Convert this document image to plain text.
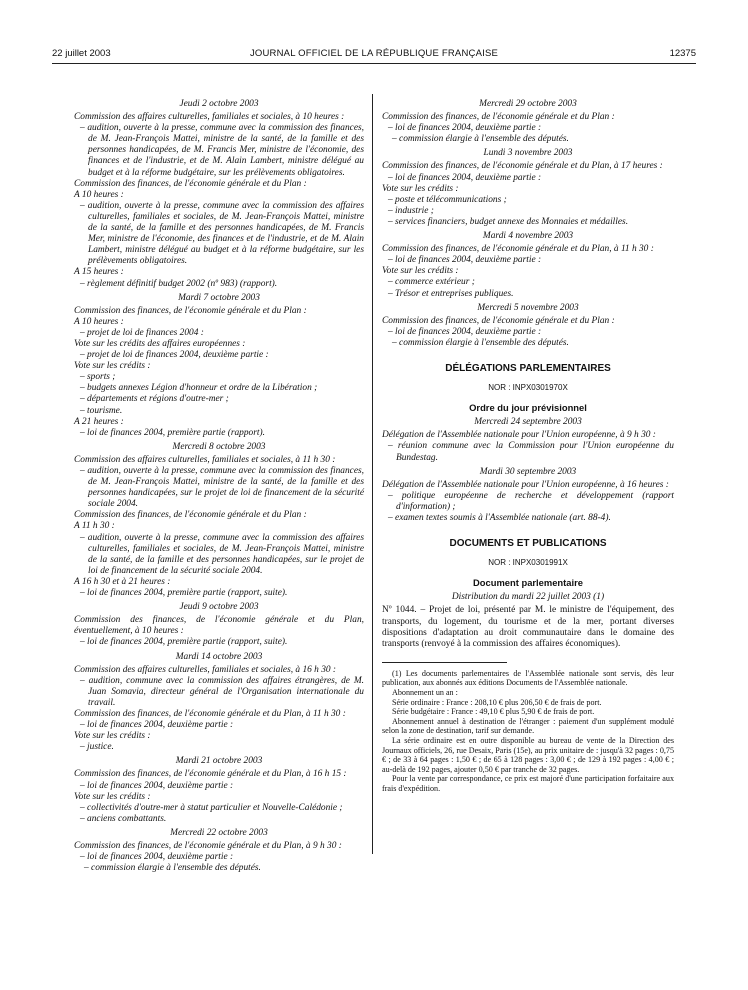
22 juillet 2003	JOURNAL OFFICIEL DE LA RÉPUBLIQUE FRANÇAISE	12375

Jeudi 2 octobre 2003

Commission des affaires culturelles, familiales et sociales, à 10 heures :

– audition, ouverte à la presse, commune avec la commission des finances, de M. Jean-François Mattei, ministre de la santé, de la famille et des personnes handicapées, de M. Francis Mer, ministre de l'économie, des finances et de l'industrie, et de M. Alain Lambert, ministre délégué au budget et à la réforme budgétaire, sur les prélèvements obligatoires.

Commission des finances, de l'économie générale et du Plan :

A 10 heures :

– audition, ouverte à la presse, commune avec la commission des affaires culturelles, familiales et sociales, de M. Jean-François Mattei, ministre de la santé, de la famille et des personnes handicapées, de M. Francis Mer, ministre de l'économie, des finances et de l'industrie, et de M. Alain Lambert, ministre délégué au budget et à la réforme budgétaire, sur les prélèvements obligatoires.

A 15 heures :

– règlement définitif budget 2002 (nº 983) (rapport).

Mardi 7 octobre 2003

Commission des finances, de l'économie générale et du Plan :

A 10 heures :

– projet de loi de finances 2004 :

Vote sur les crédits des affaires européennes :

– projet de loi de finances 2004, deuxième partie :

Vote sur les crédits :

– sports ;

– budgets annexes Légion d'honneur et ordre de la Libération ;

– départements et régions d'outre-mer ;

– tourisme.

A 21 heures :

– loi de finances 2004, première partie (rapport).

Mercredi 8 octobre 2003

Commission des affaires culturelles, familiales et sociales, à 11 h 30 :

– audition, ouverte à la presse, commune avec la commission des finances, de M. Jean-François Mattei, ministre de la santé, de la famille et des personnes handicapées, sur le projet de loi de financement de la sécurité sociale 2004.

Commission des finances, de l'économie générale et du Plan :

A 11 h 30 :

– audition, ouverte à la presse, commune avec la commission des affaires culturelles, familiales et sociales, de M. Jean-François Mattei, ministre de la santé, de la famille et des personnes handicapées, sur le projet de loi de financement de la sécurité sociale 2004.

A 16 h 30 et à 21 heures :

– loi de finances 2004, première partie (rapport, suite).

Jeudi 9 octobre 2003

Commission des finances, de l'économie générale et du Plan, éventuellement, à 10 heures :

– loi de finances 2004, première partie (rapport, suite).

Mardi 14 octobre 2003

Commission des affaires culturelles, familiales et sociales, à 16 h 30 :

– audition, commune avec la commission des affaires étrangères, de M. Juan Somavia, directeur général de l'Organisation internationale du travail.

Commission des finances, de l'économie générale et du Plan, à 11 h 30 :

– loi de finances 2004, deuxième partie :

Vote sur les crédits :

– justice.

Mardi 21 octobre 2003

Commission des finances, de l'économie générale et du Plan, à 16 h 15 :

– loi de finances 2004, deuxième partie :

Vote sur les crédits :

– collectivités d'outre-mer à statut particulier et Nouvelle-Calédonie ;

– anciens combattants.

Mercredi 22 octobre 2003

Commission des finances, de l'économie générale et du Plan, à 9 h 30 :

– loi de finances 2004, deuxième partie :

– commission élargie à l'ensemble des députés.

Mercredi 29 octobre 2003

Commission des finances, de l'économie générale et du Plan :

– loi de finances 2004, deuxième partie :

– commission élargie à l'ensemble des députés.

Lundi 3 novembre 2003

Commission des finances, de l'économie générale et du Plan, à 17 heures :

– loi de finances 2004, deuxième partie :

Vote sur les crédits :

– poste et télécommunications ;

– industrie ;

– services financiers, budget annexe des Monnaies et médailles.

Mardi 4 novembre 2003

Commission des finances, de l'économie générale et du Plan, à 11 h 30 :

– loi de finances 2004, deuxième partie :

Vote sur les crédits :

– commerce extérieur ;

– Trésor et entreprises publiques.

Mercredi 5 novembre 2003

Commission des finances, de l'économie générale et du Plan :

– loi de finances 2004, deuxième partie :

– commission élargie à l'ensemble des députés.

DÉLÉGATIONS PARLEMENTAIRES

NOR : INPX0301970X

Ordre du jour prévisionnel

Mercredi 24 septembre 2003

Délégation de l'Assemblée nationale pour l'Union européenne, à 9 h 30 :

– réunion commune avec la Commission pour l'Union européenne du Bundestag.

Mardi 30 septembre 2003

Délégation de l'Assemblée nationale pour l'Union européenne, à 16 heures :

– politique européenne de recherche et développement (rapport d'information) ;

– examen textes soumis à l'Assemblée nationale (art. 88-4).

DOCUMENTS ET PUBLICATIONS

NOR : INPX0301991X

Document parlementaire

Distribution du mardi 22 juillet 2003 (1)

Nº 1044. – Projet de loi, présenté par M. le ministre de l'équipement, des transports, du logement, du tourisme et de la mer, portant diverses dispositions d'adaptation au droit communautaire dans le domaine des transports (renvoyé à la commission des affaires économiques).

(1) Les documents parlementaires de l'Assemblée nationale sont servis, dès leur publication, aux abonnés aux éditions Documents de l'Assemblée nationale.

Abonnement un an :

Série ordinaire : France : 208,10 € plus 206,50 € de frais de port.

Série budgétaire : France : 49,10 € plus 5,90 € de frais de port.

Abonnement annuel à destination de l'étranger : paiement d'un supplément modulé selon la zone de destination, tarif sur demande.

La série ordinaire est en outre disponible au bureau de vente de la Direction des Journaux officiels, 26, rue Desaix, Paris (15e), au prix unitaire de : jusqu'à 32 pages : 0,75 € ; de 33 à 64 pages : 1,50 € ; de 65 à 128 pages : 3,00 € ; de 129 à 192 pages : 4,00 € ; au-delà de 192 pages, ajouter 0,50 € par tranche de 32 pages.

Pour la vente par correspondance, ce prix est majoré d'une participation forfaitaire aux frais d'expédition.
